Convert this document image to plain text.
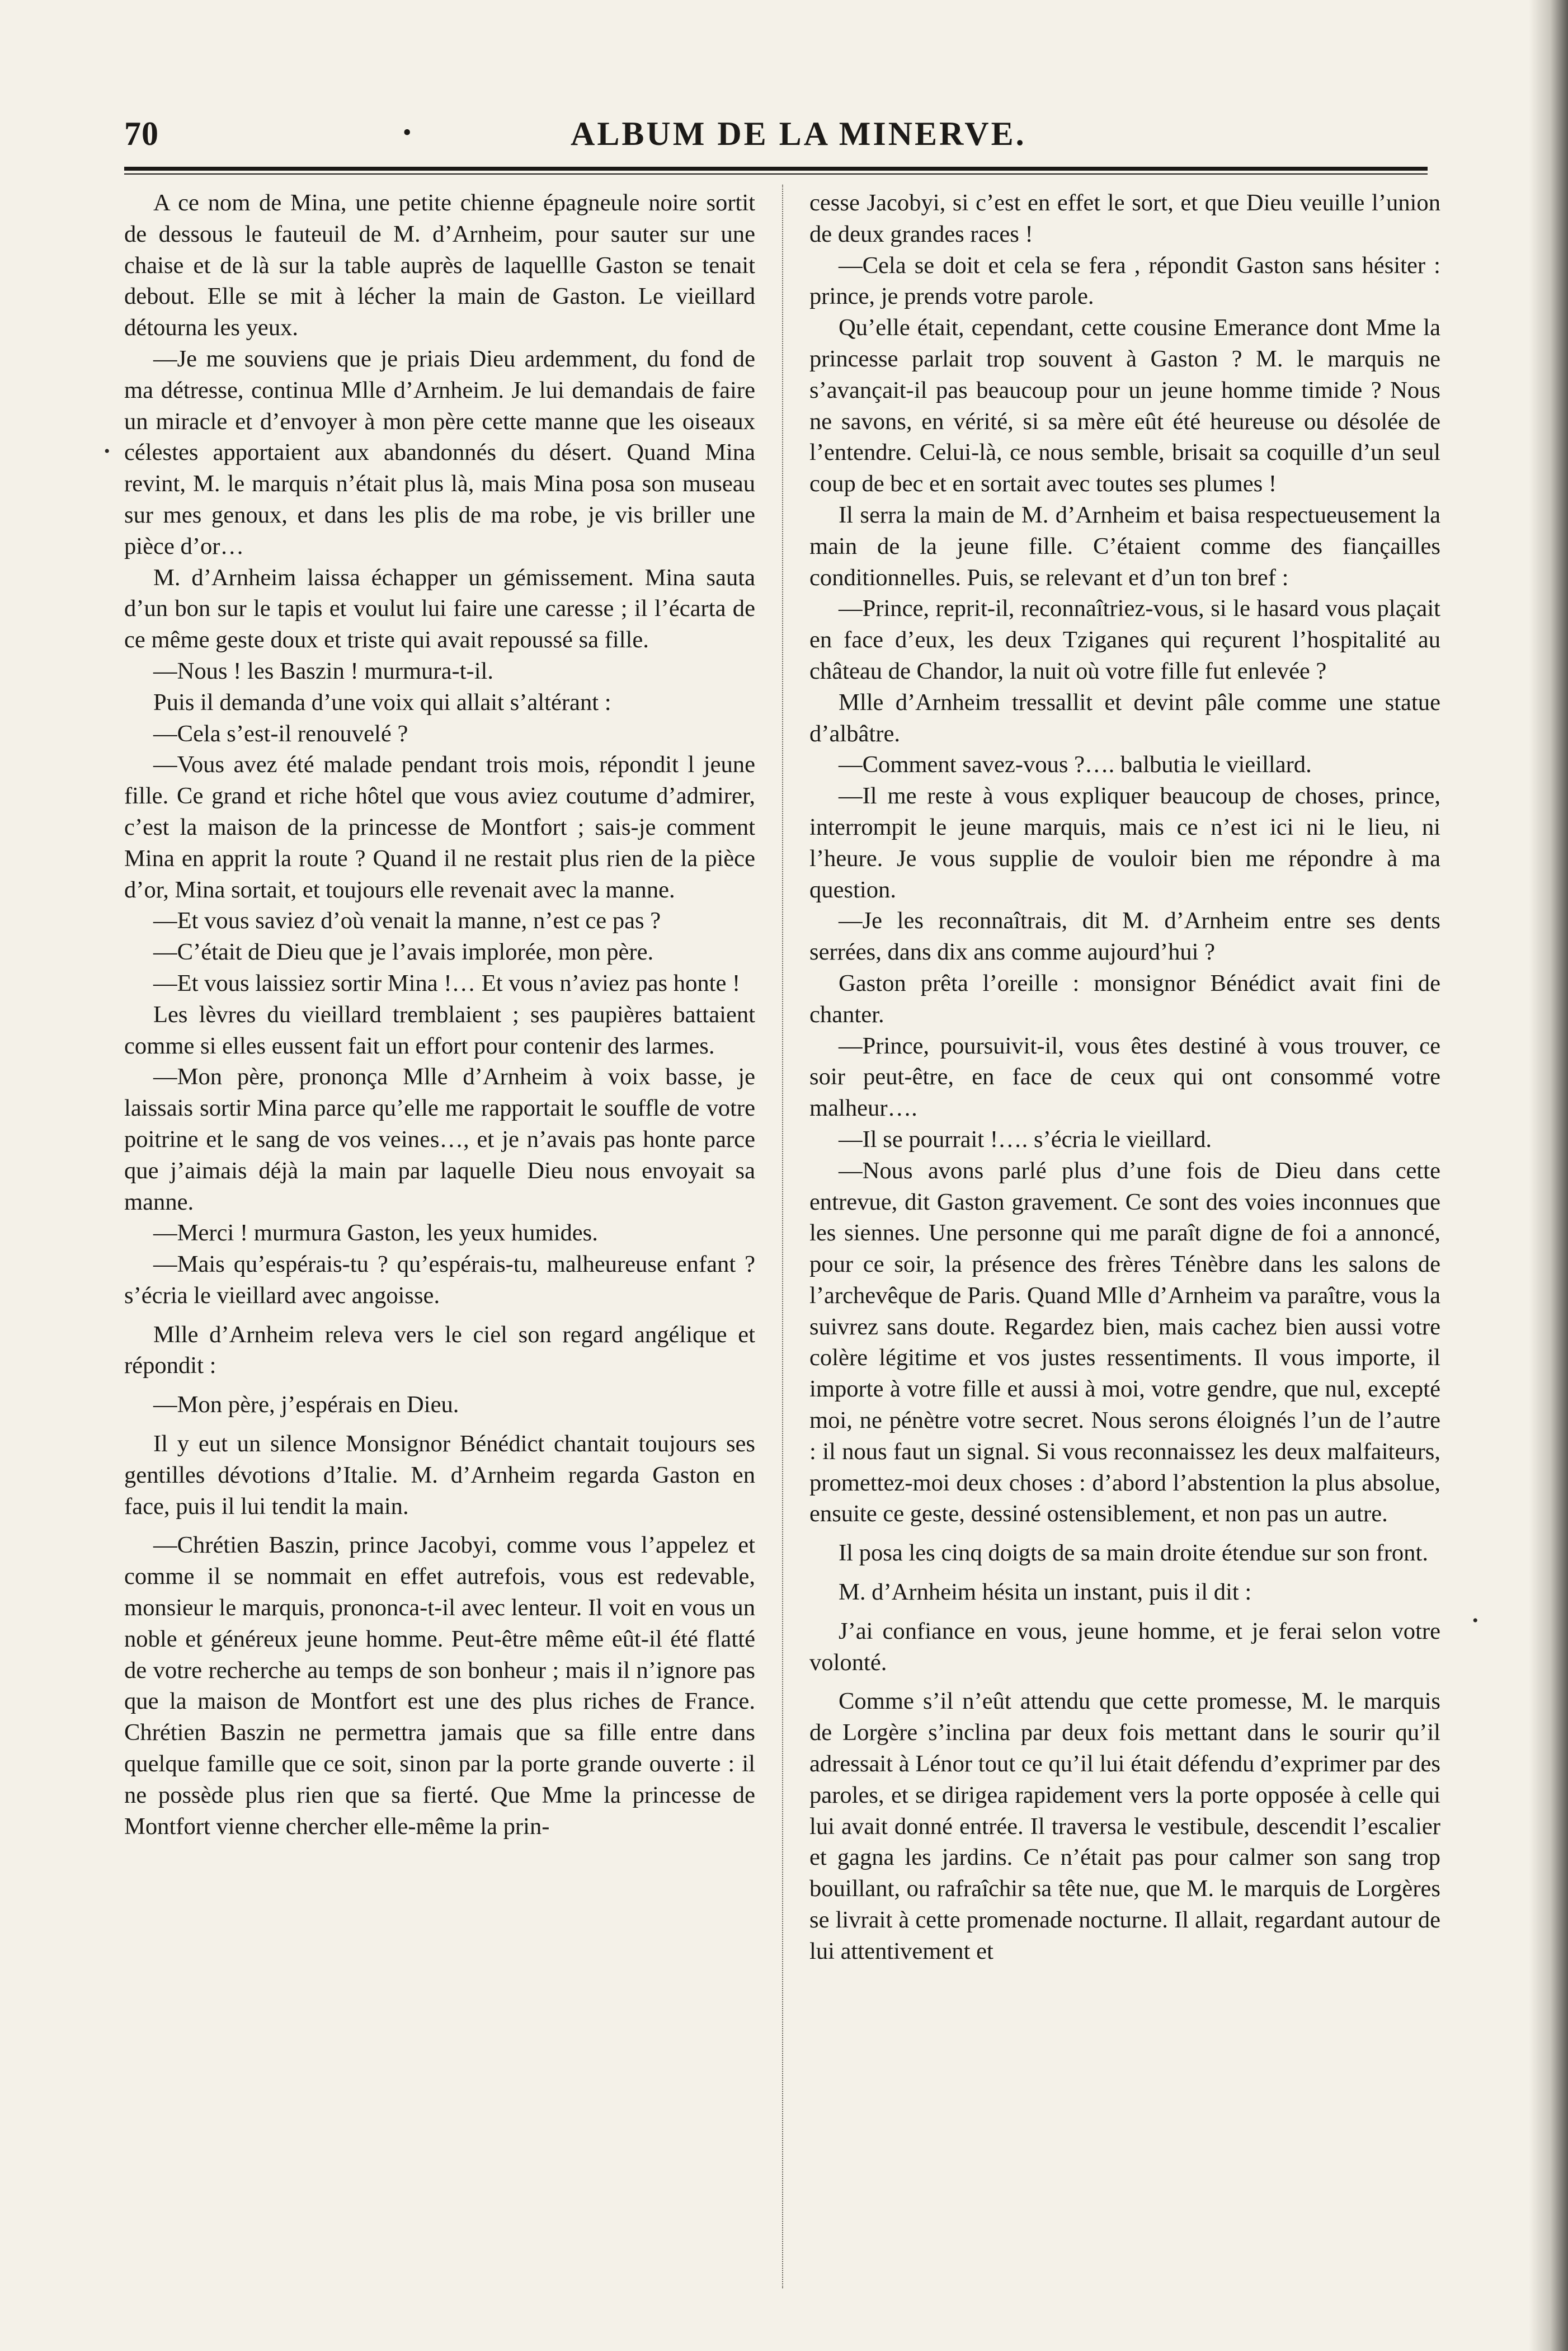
70	•	ALBUM DE LA MINERVE.

A ce nom de Mina, une petite chienne épagneule noire sortit de dessous le fauteuil de M. d’Arnheim, pour sauter sur une chaise et de là sur la table auprès de laquellle Gaston se tenait debout. Elle se mit à lécher la main de Gaston. Le vieillard détourna les yeux.

—Je me souviens que je priais Dieu ardemment, du fond de ma détresse, continua Mlle d’Arnheim. Je lui demandais de faire un miracle et d’envoyer à mon père cette manne que les oiseaux célestes apportaient aux abandonnés du désert. Quand Mina revint, M. le marquis n’était plus là, mais Mina posa son museau sur mes genoux, et dans les plis de ma robe, je vis briller une pièce d’or…

M. d’Arnheim laissa échapper un gémissement. Mina sauta d’un bon sur le tapis et voulut lui faire une caresse ; il l’écarta de ce même geste doux et triste qui avait repoussé sa fille.

—Nous ! les Baszin ! murmura-t-il.

Puis il demanda d’une voix qui allait s’altérant :

—Cela s’est-il renouvelé ?

—Vous avez été malade pendant trois mois, répondit l jeune fille. Ce grand et riche hôtel que vous aviez coutume d’admirer, c’est la maison de la princesse de Montfort ; sais-je comment Mina en apprit la route ? Quand il ne restait plus rien de la pièce d’or, Mina sortait, et toujours elle revenait avec la manne.

—Et vous saviez d’où venait la manne, n’est ce pas ?

—C’était de Dieu que je l’avais implorée, mon père.

—Et vous laissiez sortir Mina !… Et vous n’aviez pas honte !

Les lèvres du vieillard tremblaient ; ses paupières battaient comme si elles eussent fait un effort pour contenir des larmes.

—Mon père, prononça Mlle d’Arnheim à voix basse, je laissais sortir Mina parce qu’elle me rapportait le souffle de votre poitrine et le sang de vos veines…, et je n’avais pas honte parce que j’aimais déjà la main par laquelle Dieu nous envoyait sa manne.

—Merci ! murmura Gaston, les yeux humides.

—Mais qu’espérais-tu ? qu’espérais-tu, malheureuse enfant ? s’écria le vieillard avec angoisse.

Mlle d’Arnheim releva vers le ciel son regard angélique et répondit :

—Mon père, j’espérais en Dieu.

Il y eut un silence Monsignor Bénédict chantait toujours ses gentilles dévotions d’Italie. M. d’Arnheim regarda Gaston en face, puis il lui tendit la main.

—Chrétien Baszin, prince Jacobyi, comme vous l’appelez et comme il se nommait en effet autrefois, vous est redevable, monsieur le marquis, prononca-t-il avec lenteur. Il voit en vous un noble et généreux jeune homme. Peut-être même eût-il été flatté de votre recherche au temps de son bonheur ; mais il n’ignore pas que la maison de Montfort est une des plus riches de France. Chrétien Baszin ne permettra jamais que sa fille entre dans quelque famille que ce soit, sinon par la porte grande ouverte : il ne possède plus rien que sa fierté. Que Mme la princesse de Montfort vienne chercher elle-même la prin-

cesse Jacobyi, si c’est en effet le sort, et que Dieu veuille l’union de deux grandes races !

—Cela se doit et cela se fera , répondit Gaston sans hésiter : prince, je prends votre parole.

Qu’elle était, cependant, cette cousine Emerance dont Mme la princesse parlait trop souvent à Gaston ? M. le marquis ne s’avançait-il pas beaucoup pour un jeune homme timide ? Nous ne savons, en vérité, si sa mère eût été heureuse ou désolée de l’entendre. Celui-là, ce nous semble, brisait sa coquille d’un seul coup de bec et en sortait avec toutes ses plumes !

Il serra la main de M. d’Arnheim et baisa respectueusement la main de la jeune fille. C’étaient comme des fiançailles conditionnelles. Puis, se relevant et d’un ton bref :

—Prince, reprit-il, reconnaîtriez-vous, si le hasard vous plaçait en face d’eux, les deux Tziganes qui reçurent l’hospitalité au château de Chandor, la nuit où votre fille fut enlevée ?

Mlle d’Arnheim tressallit et devint pâle comme une statue d’albâtre.

—Comment savez-vous ?…. balbutia le vieillard.

—Il me reste à vous expliquer beaucoup de choses, prince, interrompit le jeune marquis, mais ce n’est ici ni le lieu, ni l’heure. Je vous supplie de vouloir bien me répondre à ma question.

—Je les reconnaîtrais, dit M. d’Arnheim entre ses dents serrées, dans dix ans comme aujourd’hui ?

Gaston prêta l’oreille : monsignor Bénédict avait fini de chanter.

—Prince, poursuivit-il, vous êtes destiné à vous trouver, ce soir peut-être, en face de ceux qui ont consommé votre malheur….

—Il se pourrait !…. s’écria le vieillard.

—Nous avons parlé plus d’une fois de Dieu dans cette entrevue, dit Gaston gravement. Ce sont des voies inconnues que les siennes. Une personne qui me paraît digne de foi a annoncé, pour ce soir, la présence des frères Ténèbre dans les salons de l’archevêque de Paris. Quand Mlle d’Arnheim va paraître, vous la suivrez sans doute. Regardez bien, mais cachez bien aussi votre colère légitime et vos justes ressentiments. Il vous importe, il importe à votre fille et aussi à moi, votre gendre, que nul, excepté moi, ne pénètre votre secret. Nous serons éloignés l’un de l’autre : il nous faut un signal. Si vous reconnaissez les deux malfaiteurs, promettez-moi deux choses : d’abord l’abstention la plus absolue, ensuite ce geste, dessiné ostensiblement, et non pas un autre.

Il posa les cinq doigts de sa main droite étendue sur son front.

M. d’Arnheim hésita un instant, puis il dit :

J’ai confiance en vous, jeune homme, et je ferai selon votre volonté.

Comme s’il n’eût attendu que cette promesse, M. le marquis de Lorgère s’inclina par deux fois mettant dans le sourir qu’il adressait à Lénor tout ce qu’il lui était défendu d’exprimer par des paroles, et se dirigea rapidement vers la porte opposée à celle qui lui avait donné entrée. Il traversa le vestibule, descendit l’escalier et gagna les jardins. Ce n’était pas pour calmer son sang trop bouillant, ou rafraîchir sa tête nue, que M. le marquis de Lorgères se livrait à cette promenade nocturne. Il allait, regardant autour de lui attentivement et

•
•
